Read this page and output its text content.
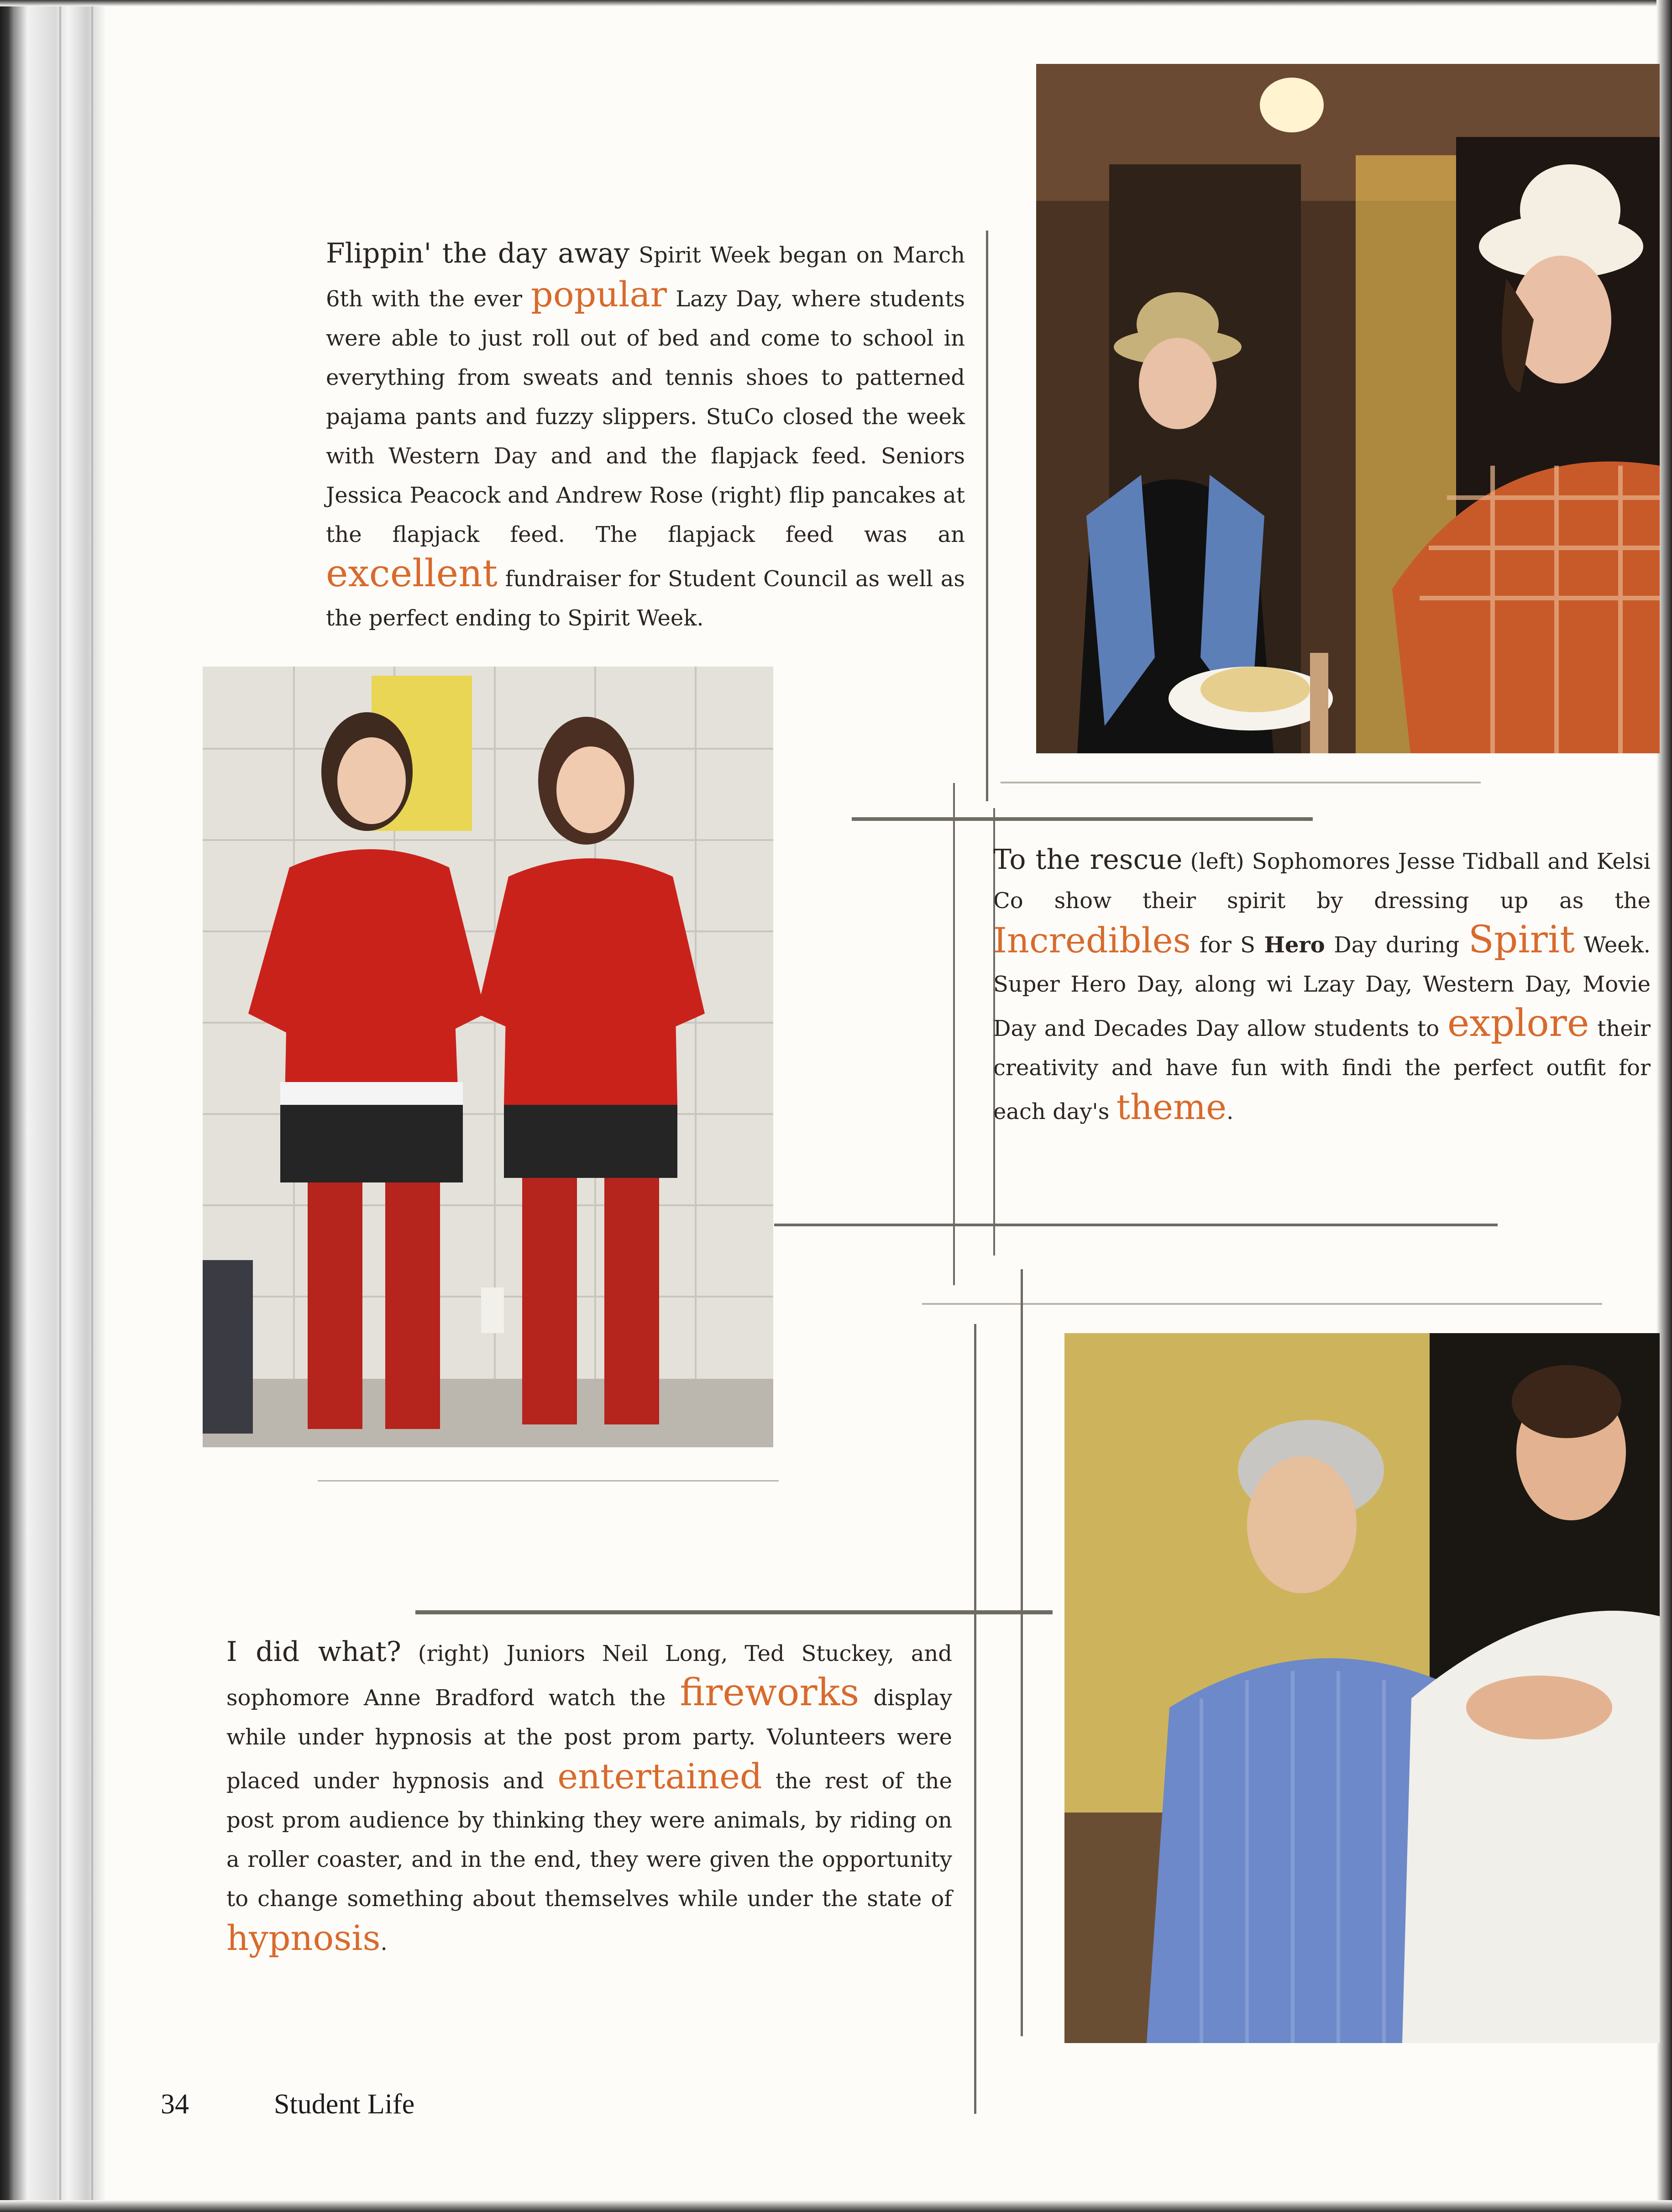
Flippin' the day away Spirit Week began on March 6th with the ever popular Lazy Day, where students were able to just roll out of bed and come to school in everything from sweats and tennis shoes to patterned pajama pants and fuzzy slippers. StuCo closed the week with Western Day and and the flapjack feed. Seniors Jessica Peacock and Andrew Rose (right) flip pancakes at the flapjack feed. The flapjack feed was an excellent fundraiser for Student Council as well as the perfect ending to Spirit Week.
To the rescue (left) Sophomores Jesse Tidball and Kelsi Co show their spirit by dressing up as the Incredibles for S Hero Day during Spirit Week. Super Hero Day, along wi Lzay Day, Western Day, Movie Day and Decades Day allow students to explore their creativity and have fun with findi the perfect outfit for each day's theme.
I did what? (right) Juniors Neil Long, Ted Stuckey, and sophomore Anne Bradford watch the fireworks display while under hypnosis at the post prom party. Volunteers were placed under hypnosis and entertained the rest of the post prom audience by thinking they were animals, by riding on a roller coaster, and in the end, they were given the opportunity to change something about themselves while under the state of hypnosis.
34	Student Life
